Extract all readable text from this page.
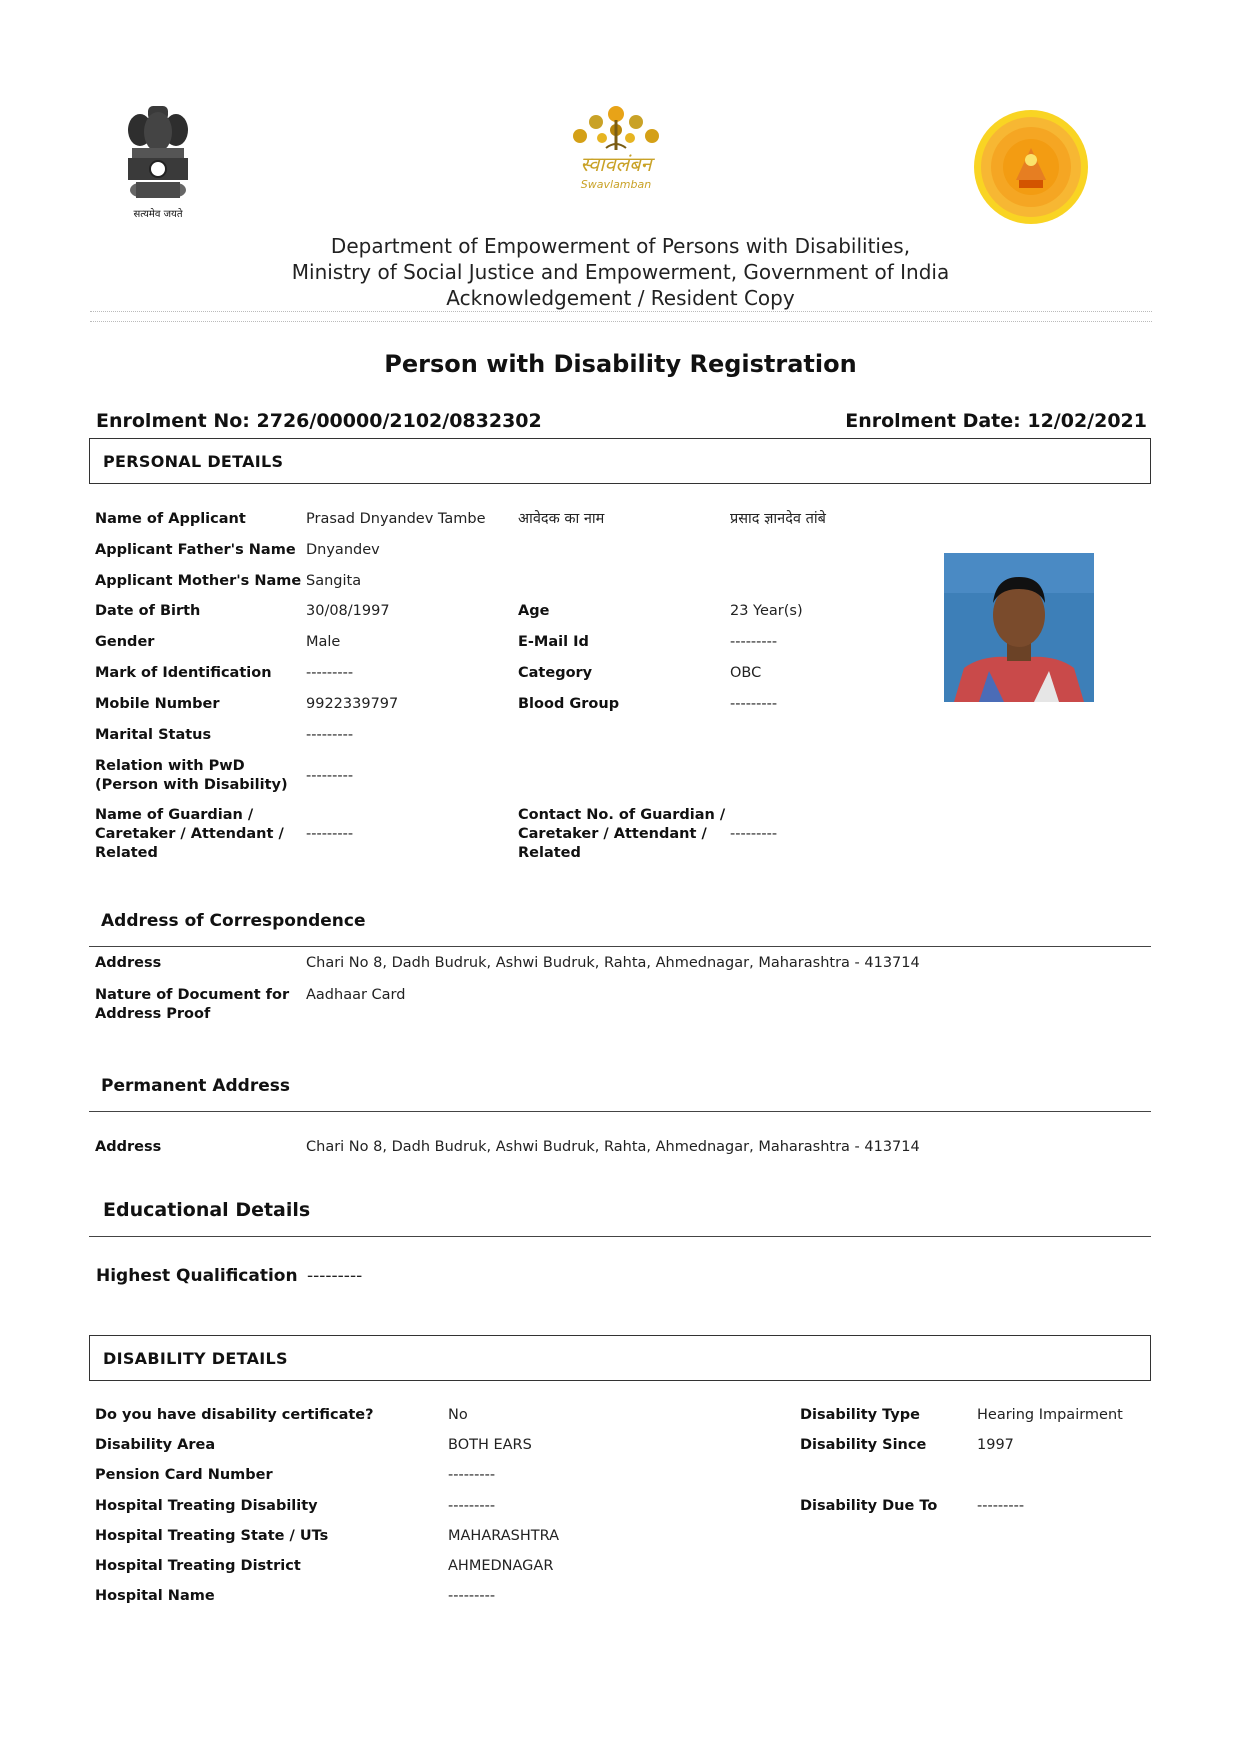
सत्यमेव जयते
स्वावलंबन
Swavlamban
Department of Empowerment of Persons with Disabilities,
Ministry of Social Justice and Empowerment, Government of India
Acknowledgement / Resident Copy
Person with Disability Registration
Enrolment No: 2726/00000/2102/0832302	Enrolment Date: 12/02/2021
PERSONAL DETAILS
Name of Applicant	Prasad Dnyandev Tambe आवेदक का नाम	प्रसाद ज्ञानदेव तांबे
Applicant Father's Name Dnyandev
Applicant Mother's Name Sangita
Date of Birth	30/08/1997	Age	23 Year(s)
Gender	Male	E-Mail Id	---------
Mark of Identification ---------	Category	OBC
Mobile Number	9922339797	Blood Group	---------
Marital Status	---------
Relation with PwD
(Person with Disability)
---------
Name of Guardian /
Caretaker / Attendant /
Related
---------
Contact No. of Guardian /
Caretaker / Attendant /
Related
---------
Address of Correspondence
Address	Chari No 8, Dadh Budruk, Ashwi Budruk, Rahta, Ahmednagar, Maharashtra - 413714
Nature of Document for
Address Proof
Aadhaar Card
Permanent Address
Address	Chari No 8, Dadh Budruk, Ashwi Budruk, Rahta, Ahmednagar, Maharashtra - 413714
Educational Details
Highest Qualification ---------
DISABILITY DETAILS
Do you have disability certificate?	No	Disability Type	Hearing Impairment
Disability Area	BOTH EARS	Disability Since	1997
Pension Card Number	---------
Hospital Treating Disability	---------	Disability Due To	---------
Hospital Treating State / UTs	MAHARASHTRA
Hospital Treating District	AHMEDNAGAR
Hospital Name	---------
